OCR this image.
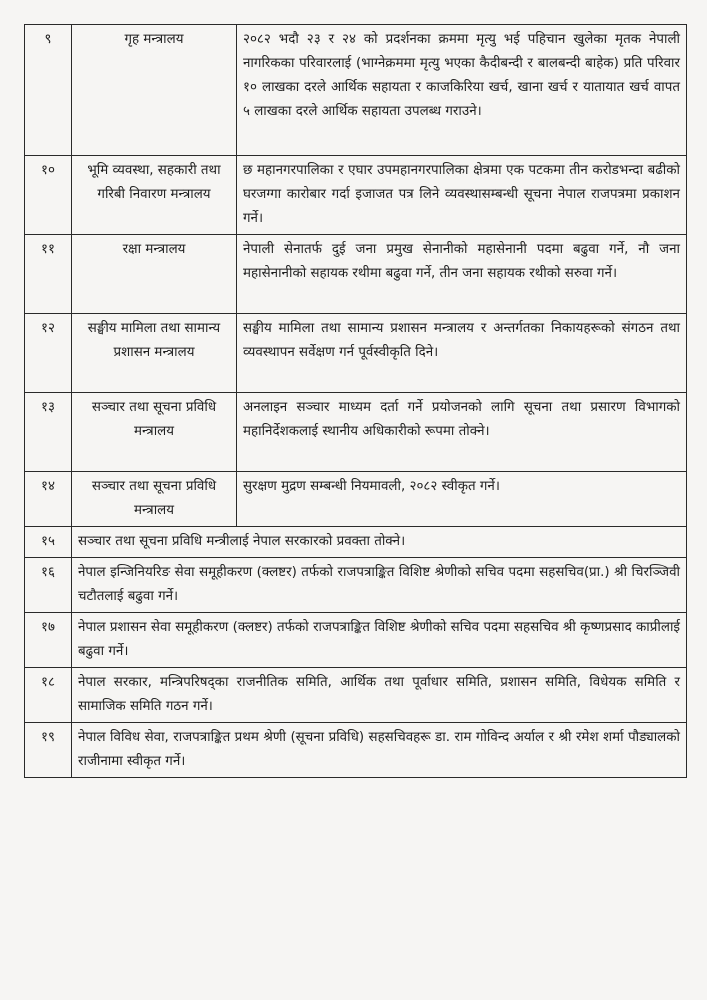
९	गृह मन्त्रालय	२०८२ भदौ २३ र २४ को प्रदर्शनका क्रममा मृत्यु भई पहिचान खुलेका मृतक नेपाली नागरिकका परिवारलाई (भाग्नेक्रममा मृत्यु भएका कैदीबन्दी र बालबन्दी बाहेक) प्रति परिवार १० लाखका दरले आर्थिक सहायता र काजकिरिया खर्च, खाना खर्च र यातायात खर्च वापत ५ लाखका दरले आर्थिक सहायता उपलब्ध गराउने।
१०	भूमि व्यवस्था, सहकारी तथा गरिबी निवारण मन्त्रालय	छ महानगरपालिका र एघार उपमहानगरपालिका क्षेत्रमा एक पटकमा तीन करोडभन्दा बढीको घरजग्गा कारोबार गर्दा इजाजत पत्र लिने व्यवस्थासम्बन्धी सूचना नेपाल राजपत्रमा प्रकाशन गर्ने।
११	रक्षा मन्त्रालय	नेपाली सेनातर्फ दुई जना प्रमुख सेनानीको महासेनानी पदमा बढुवा गर्ने, नौ जना महासेनानीको सहायक रथीमा बढुवा गर्ने, तीन जना सहायक रथीको सरुवा गर्ने।
१२	सङ्घीय मामिला तथा सामान्य प्रशासन मन्त्रालय	सङ्घीय मामिला तथा सामान्य प्रशासन मन्त्रालय र अन्तर्गतका निकायहरूको संगठन तथा व्यवस्थापन सर्वेक्षण गर्न पूर्वस्वीकृति दिने।
१३	सञ्चार तथा सूचना प्रविधि मन्त्रालय	अनलाइन सञ्चार माध्यम दर्ता गर्ने प्रयोजनको लागि सूचना तथा प्रसारण विभागको महानिर्देशकलाई स्थानीय अधिकारीको रूपमा तोक्ने।
१४	सञ्चार तथा सूचना प्रविधि मन्त्रालय	सुरक्षण मुद्रण सम्बन्धी नियमावली, २०८२ स्वीकृत गर्ने।
१५	सञ्चार तथा सूचना प्रविधि मन्त्रीलाई नेपाल सरकारको प्रवक्ता तोक्ने।	
१६	नेपाल इन्जिनियरिङ सेवा समूहीकरण (क्लष्टर) तर्फको राजपत्राङ्कित विशिष्ट श्रेणीको सचिव पदमा सहसचिव(प्रा.) श्री चिरञ्जिवी चटौतलाई बढुवा गर्ने।	
१७	नेपाल प्रशासन सेवा समूहीकरण (क्लष्टर) तर्फको राजपत्राङ्कित विशिष्ट श्रेणीको सचिव पदमा सहसचिव श्री कृष्णप्रसाद काप्रीलाई बढुवा गर्ने।	
१८	नेपाल सरकार, मन्त्रिपरिषद्का राजनीतिक समिति, आर्थिक तथा पूर्वाधार समिति, प्रशासन समिति, विधेयक समिति र सामाजिक समिति गठन गर्ने।	
१९	नेपाल विविध सेवा, राजपत्राङ्कित प्रथम श्रेणी (सूचना प्रविधि) सहसचिवहरू डा. राम गोविन्द अर्याल र श्री रमेश शर्मा पौड्यालको राजीनामा स्वीकृत गर्ने।	
